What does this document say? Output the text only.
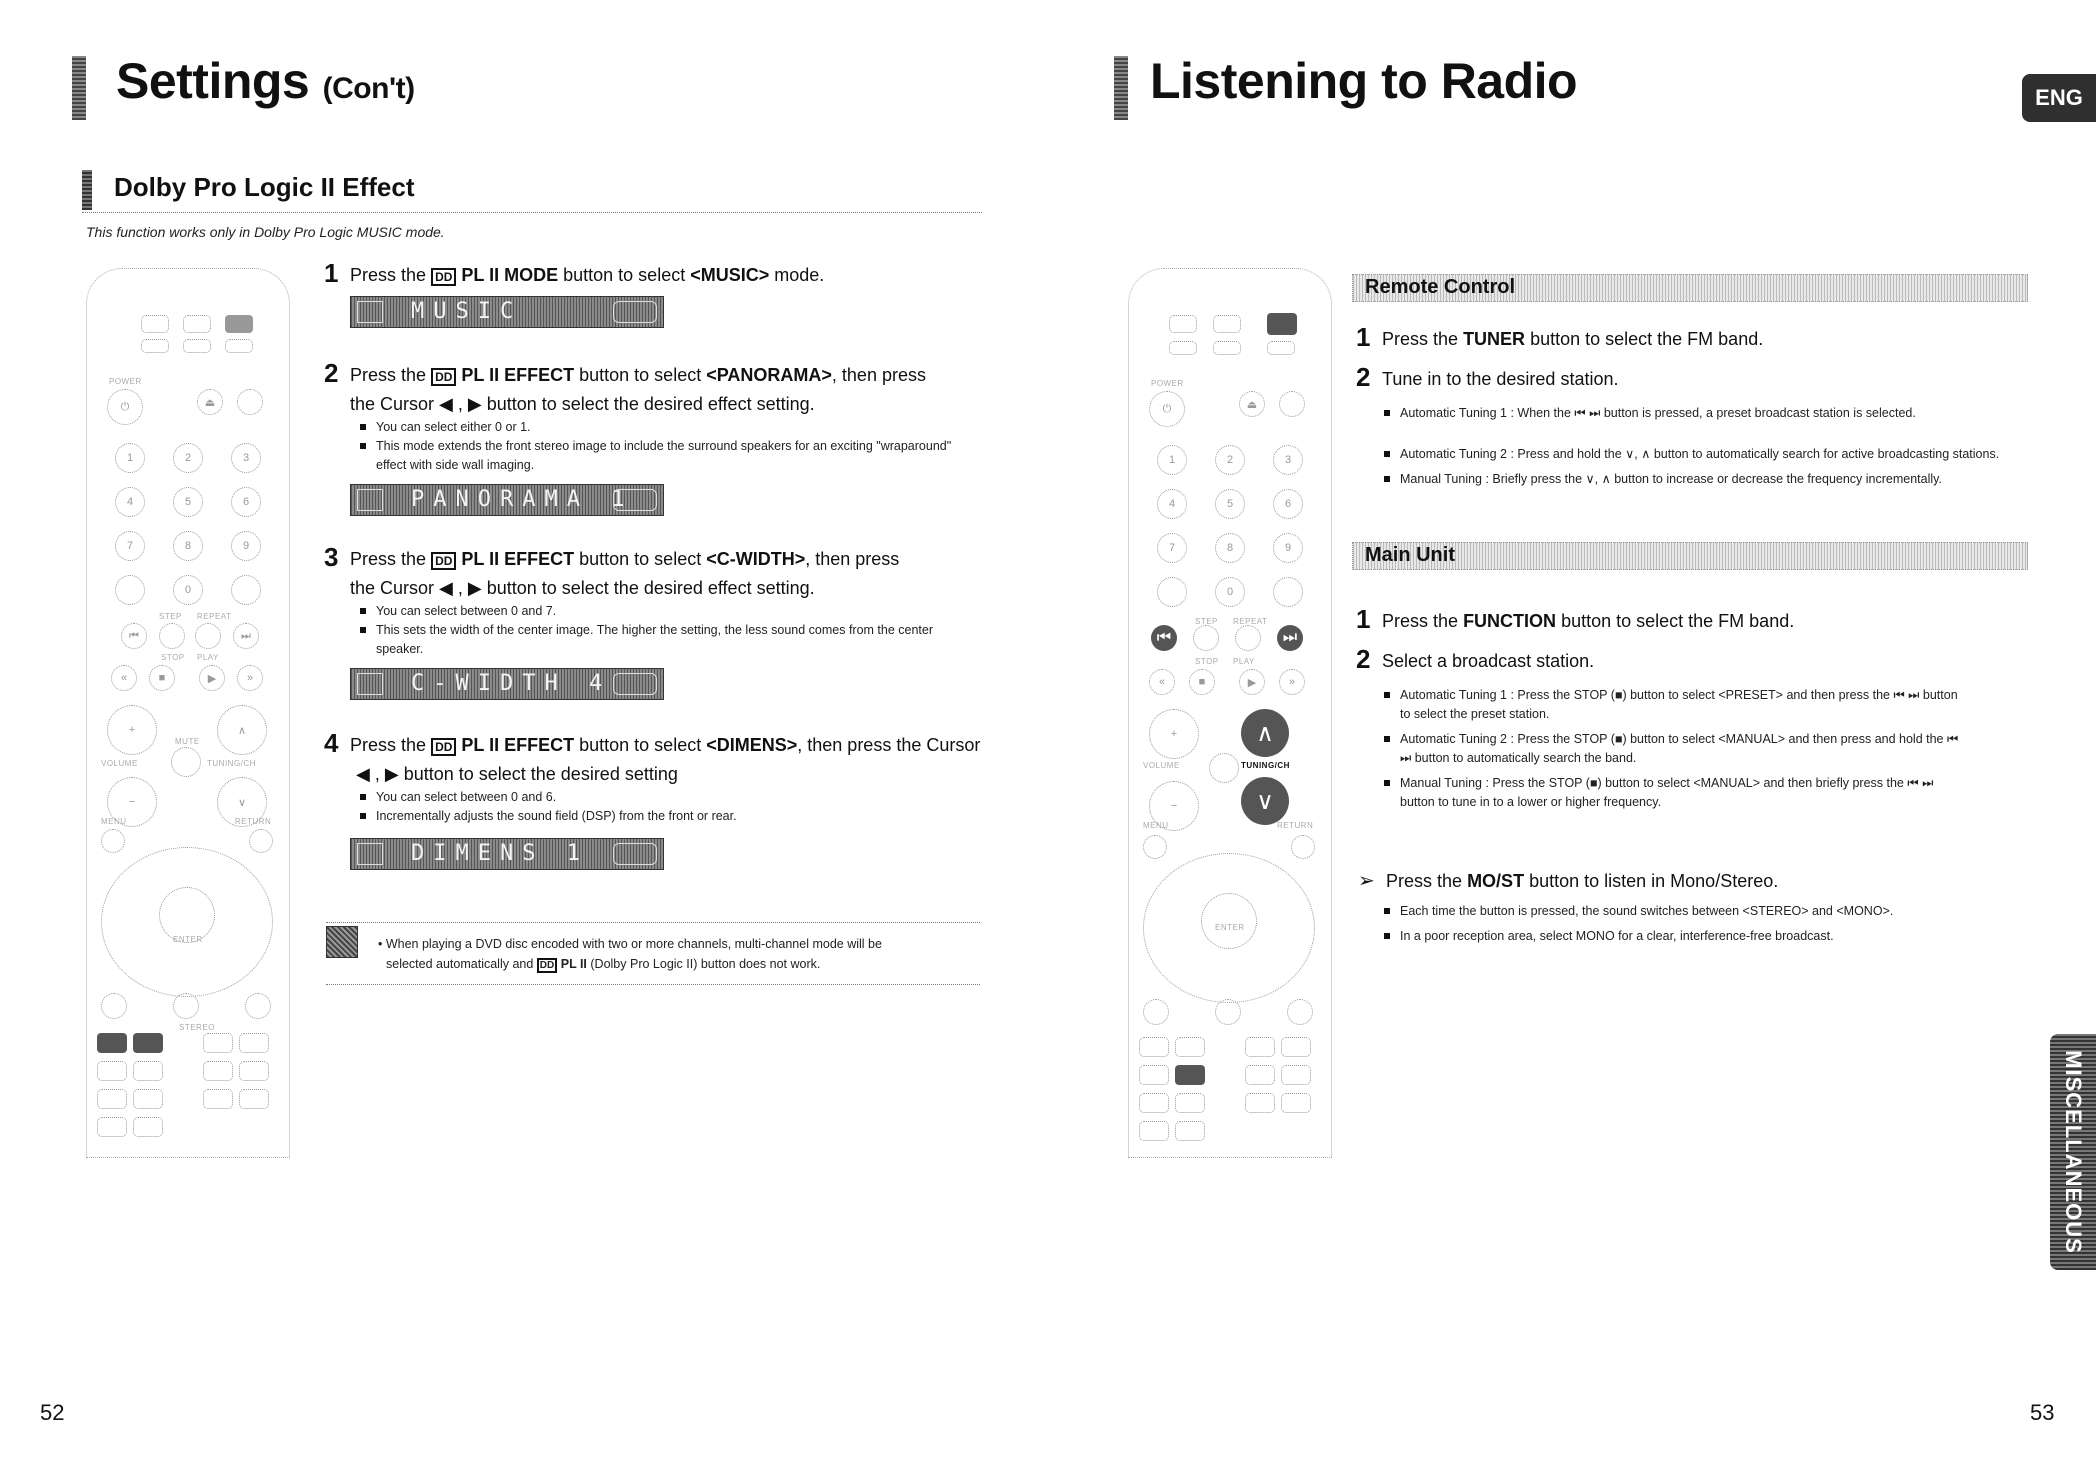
Settings (Con't)
Dolby Pro Logic II Effect
This function works only in Dolby Pro Logic MUSIC mode.
POWER
⏻	⏏
1	2	3
4	5	6
7	8	9
0
STEP REPEAT
⏮	⏭
STOP PLAY
«	■	▶	»
+	∧
MUTE
VOLUME	TUNING/CH
−	∨
MENU	RETURN
ENTER
STEREO
1 Press the DD PL II MODE button to select <MUSIC> mode.
MUSIC
2 Press the DD PL II EFFECT button to select <PANORAMA>, then press
the Cursor ◀ , ▶ button to select the desired effect setting.
You can select either 0 or 1.
This mode extends the front stereo image to include the surround speakers for an exciting "wraparound" effect with side wall imaging.
PANORAMA 1
3 Press the DD PL II EFFECT button to select <C-WIDTH>, then press
the Cursor ◀ , ▶ button to select the desired effect setting.
You can select between 0 and 7.
This sets the width of the center image. The higher the setting, the less sound comes from the center speaker.
C-WIDTH 4
4 Press the DD PL II EFFECT button to select <DIMENS>, then press the Cursor
◀ , ▶ button to select the desired setting
You can select between 0 and 6.
Incrementally adjusts the sound field (DSP) from the front or rear.
DIMENS 1
• When playing a DVD disc encoded with two or more channels, multi-channel mode will be
selected automatically and DD PL II (Dolby Pro Logic II) button does not work.
52
Listening to Radio	ENG
POWER
⏻	⏏
1	2	3
4	5	6
7	8	9
0
STEP REPEAT
⏮	⏭
STOP PLAY
«	■	▶	»
+	∧
VOLUME	TUNING/CH
−	∨
MENU	RETURN
ENTER
Remote Control
1 Press the TUNER button to select the FM band.
2 Tune in to the desired station.
Automatic Tuning 1 : When the ⏮ ⏭ button is pressed, a preset broadcast station is selected.
Automatic Tuning 2 : Press and hold the ∨, ∧ button to automatically search for active broadcasting stations.
Manual Tuning : Briefly press the ∨, ∧ button to increase or decrease the frequency incrementally.
Main Unit
1 Press the FUNCTION button to select the FM band.
2 Select a broadcast station.
Automatic Tuning 1 : Press the STOP (■) button to select <PRESET> and then press the ⏮ ⏭ button to select the preset station.
Automatic Tuning 2 : Press the STOP (■) button to select <MANUAL> and then press and hold the ⏮ ⏭ button to automatically search the band.
Manual Tuning : Press the STOP (■) button to select <MANUAL> and then briefly press the ⏮ ⏭ button to tune in to a lower or higher frequency.
➢ Press the MO/ST button to listen in Mono/Stereo.
Each time the button is pressed, the sound switches between <STEREO> and <MONO>.
In a poor reception area, select MONO for a clear, interference-free broadcast.
MISCELLANEOUS
53
